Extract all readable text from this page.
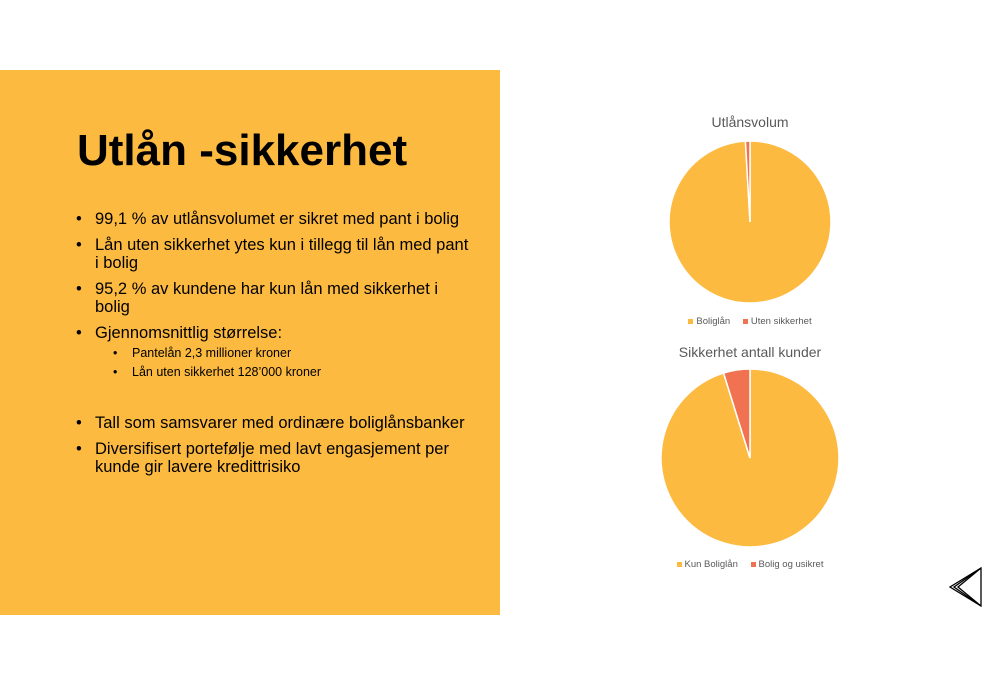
Utlån -sikkerhet
• 99,1 % av utlånsvolumet er sikret med pant i bolig
• Lån uten sikkerhet ytes kun i tillegg til lån med pant i bolig
• 95,2 % av kundene har kun lån med sikkerhet i bolig
• Gjennomsnittlig størrelse:
• Pantelån 2,3 millioner kroner
• Lån uten sikkerhet 128’000 kroner
• Tall som samsvarer med ordinære boliglånsbanker
• Diversifisert portefølje med lavt engasjement per kunde gir lavere kredittrisiko
Utlånsvolum
Boliglån Uten sikkerhet
Sikkerhet antall kunder
Kun Boliglån Bolig og usikret
